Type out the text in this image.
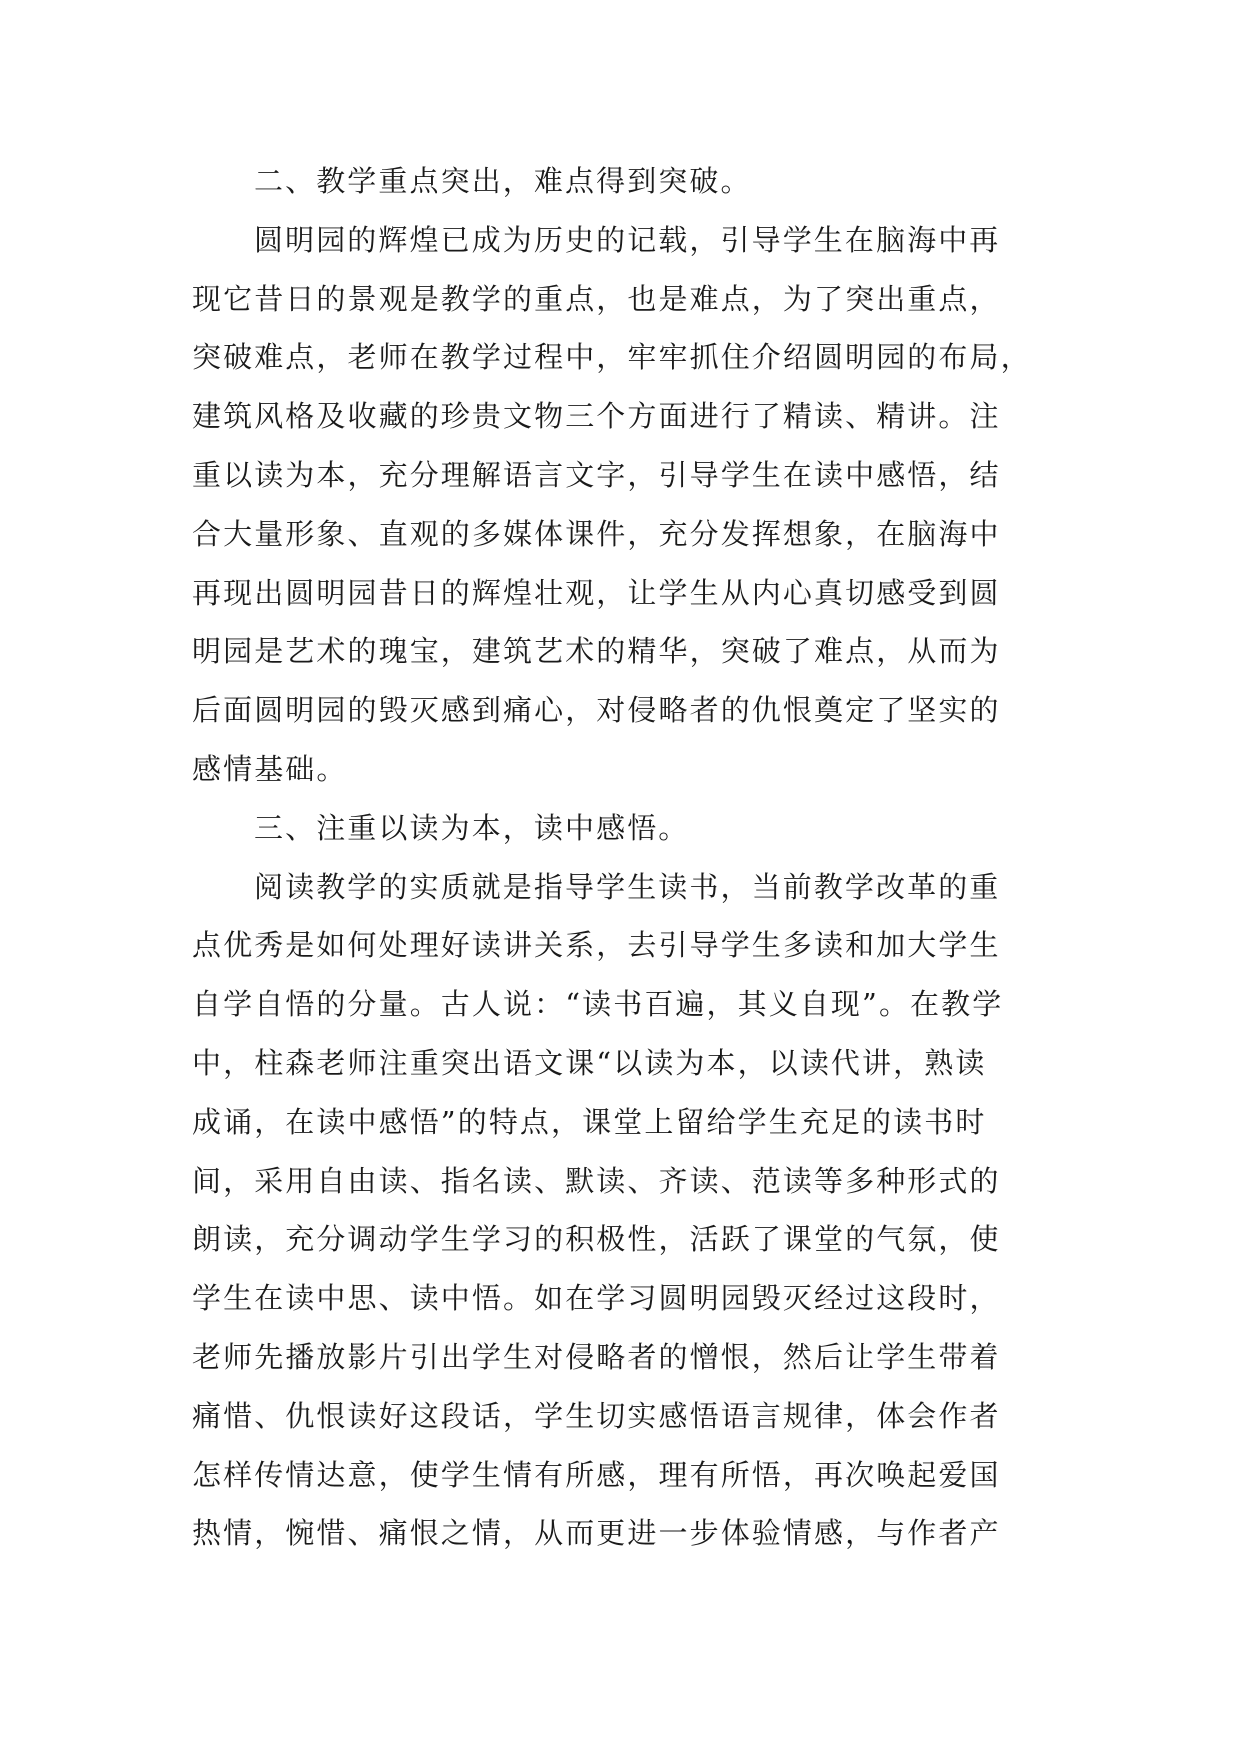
二、教学重点突出，难点得到突破。
圆明园的辉煌已成为历史的记载，引导学生在脑海中再
现它昔日的景观是教学的重点，也是难点，为了突出重点，
突破难点，老师在教学过程中，牢牢抓住介绍圆明园的布局，
建筑风格及收藏的珍贵文物三个方面进行了精读、精讲。注
重以读为本，充分理解语言文字，引导学生在读中感悟，结
合大量形象、直观的多媒体课件，充分发挥想象，在脑海中
再现出圆明园昔日的辉煌壮观，让学生从内心真切感受到圆
明园是艺术的瑰宝，建筑艺术的精华，突破了难点，从而为
后面圆明园的毁灭感到痛心，对侵略者的仇恨奠定了坚实的
感情基础。
三、注重以读为本，读中感悟。
阅读教学的实质就是指导学生读书，当前教学改革的重
点优秀是如何处理好读讲关系，去引导学生多读和加大学生
自学自悟的分量。古人说：“读书百遍，其义自现”。在教学
中，柱森老师注重突出语文课“以读为本，以读代讲，熟读
成诵，在读中感悟”的特点，课堂上留给学生充足的读书时
间，采用自由读、指名读、默读、齐读、范读等多种形式的
朗读，充分调动学生学习的积极性，活跃了课堂的气氛，使
学生在读中思、读中悟。如在学习圆明园毁灭经过这段时，
老师先播放影片引出学生对侵略者的憎恨，然后让学生带着
痛惜、仇恨读好这段话，学生切实感悟语言规律，体会作者
怎样传情达意，使学生情有所感，理有所悟，再次唤起爱国
热情，惋惜、痛恨之情，从而更进一步体验情感，与作者产
